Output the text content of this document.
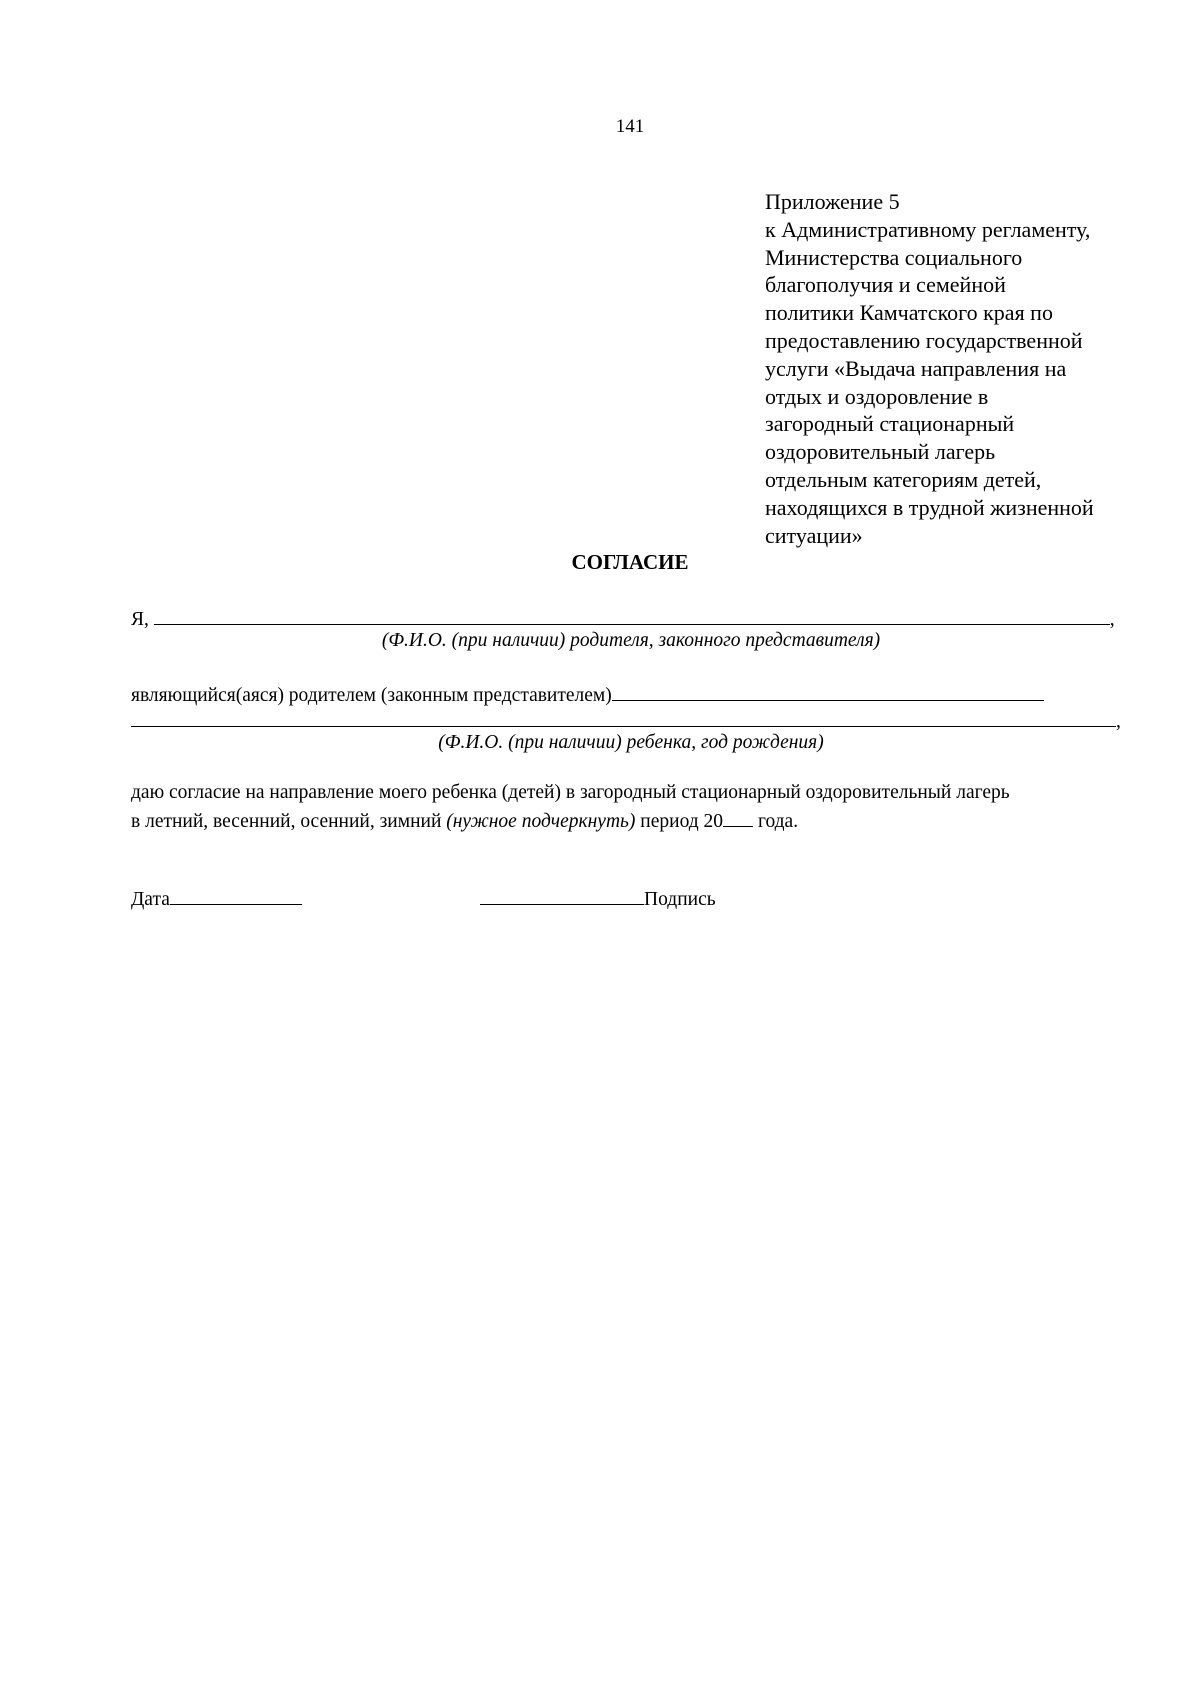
141
Приложение 5
к Административному регламенту,
Министерства социального
благополучия и семейной
политики Камчатского края по
предоставлению государственной
услуги «Выдача направления на
отдых и оздоровление в
загородный стационарный
оздоровительный лагерь
отдельным категориям детей,
находящихся в трудной жизненной
ситуации»
СОГЛАСИЕ
Я,	,
(Ф.И.О. (при наличии) родителя, законного представителя)
являющийся(аяся) родителем (законным представителем)
,
(Ф.И.О. (при наличии) ребенка, год рождения)
даю согласие на направление моего ребенка (детей) в загородный стационарный оздоровительный лагерь
в летний, весенний, осенний, зимний (нужное подчеркнуть) период 20 года.
Дата	Подпись
